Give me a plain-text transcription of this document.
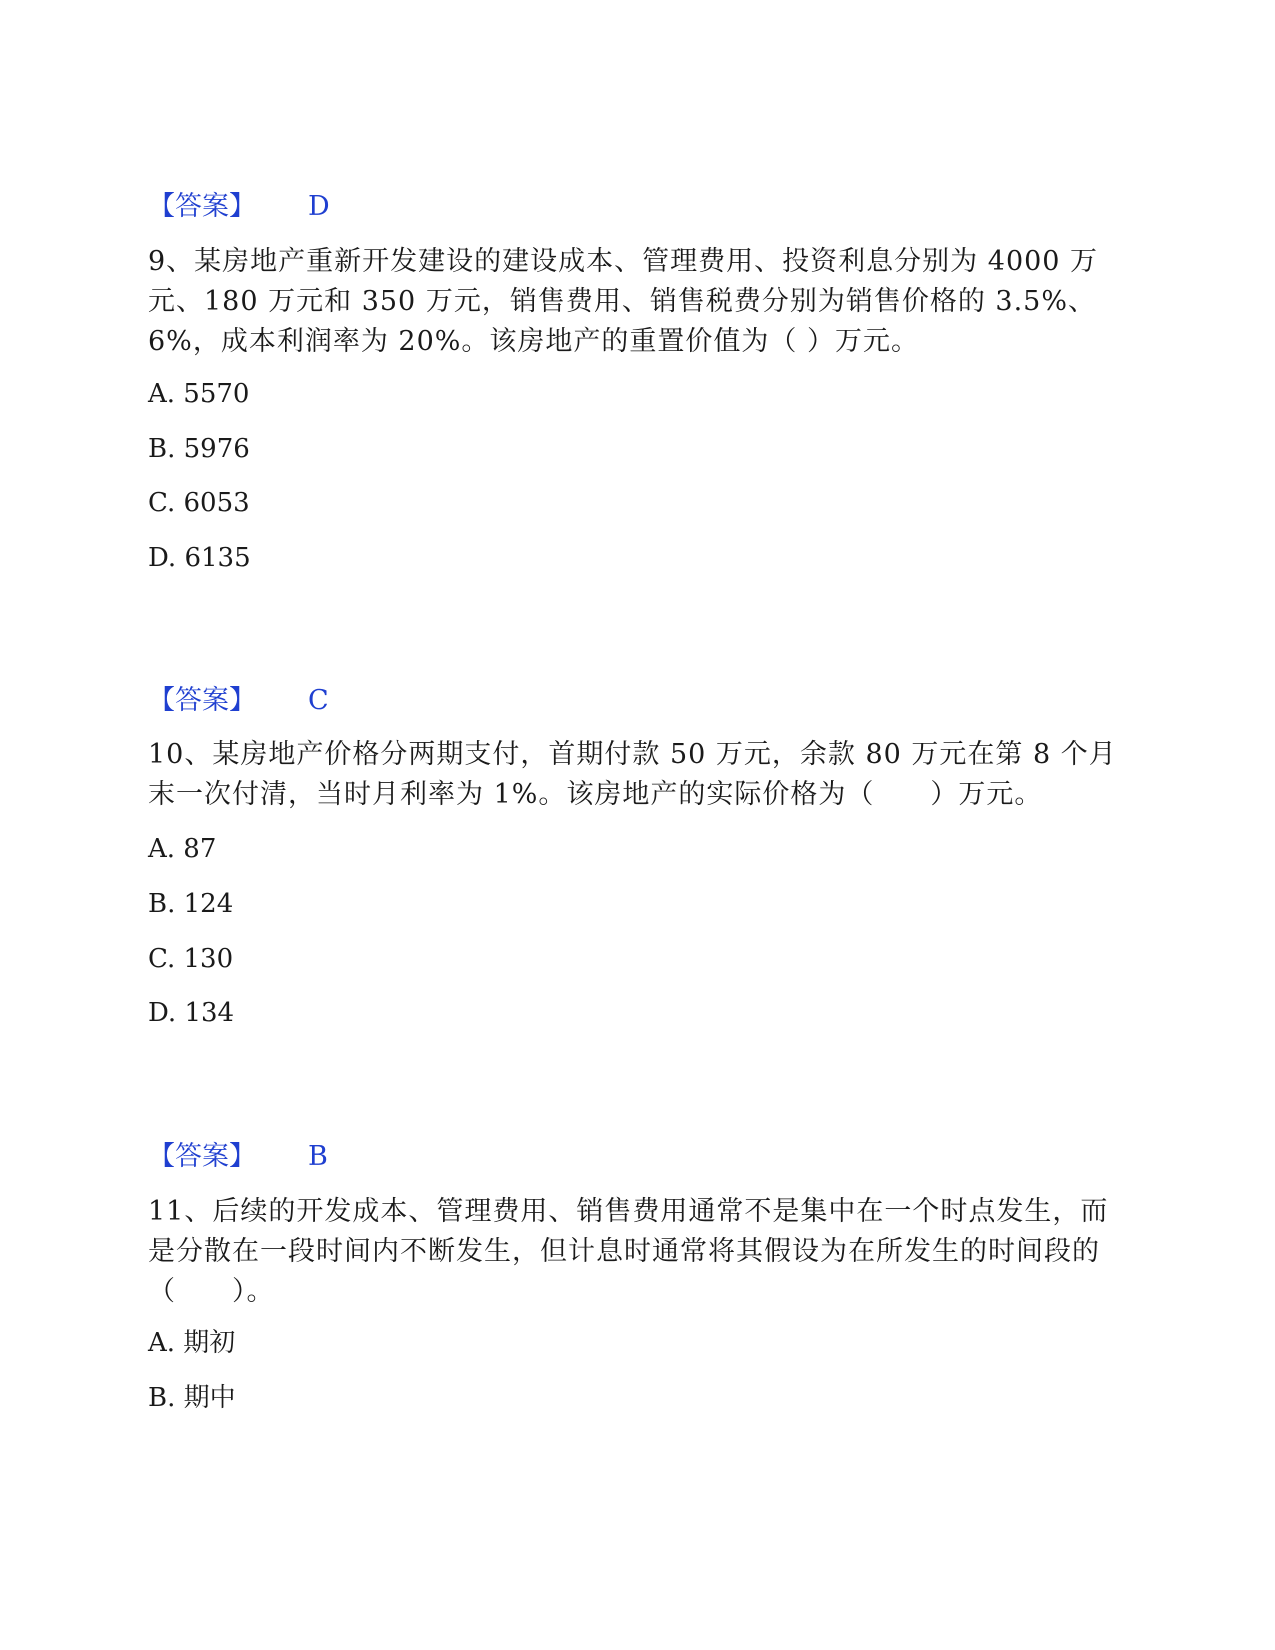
【答案】 D
9、某房地产重新开发建设的建设成本、管理费用、投资利息分别为 4000 万元、180 万元和 350 万元，销售费用、销售税费分别为销售价格的 3.5%、6%，成本利润率为 20%。该房地产的重置价值为（ ）万元。
A. 5570
B. 5976
C. 6053
D. 6135
【答案】 C
10、某房地产价格分两期支付，首期付款 50 万元，余款 80 万元在第 8 个月末一次付清，当时月利率为 1%。该房地产的实际价格为（　　）万元。
A. 87
B. 124
C. 130
D. 134
【答案】 B
11、后续的开发成本、管理费用、销售费用通常不是集中在一个时点发生，而是分散在一段时间内不断发生，但计息时通常将其假设为在所发生的时间段的（　　）。
A. 期初
B. 期中
